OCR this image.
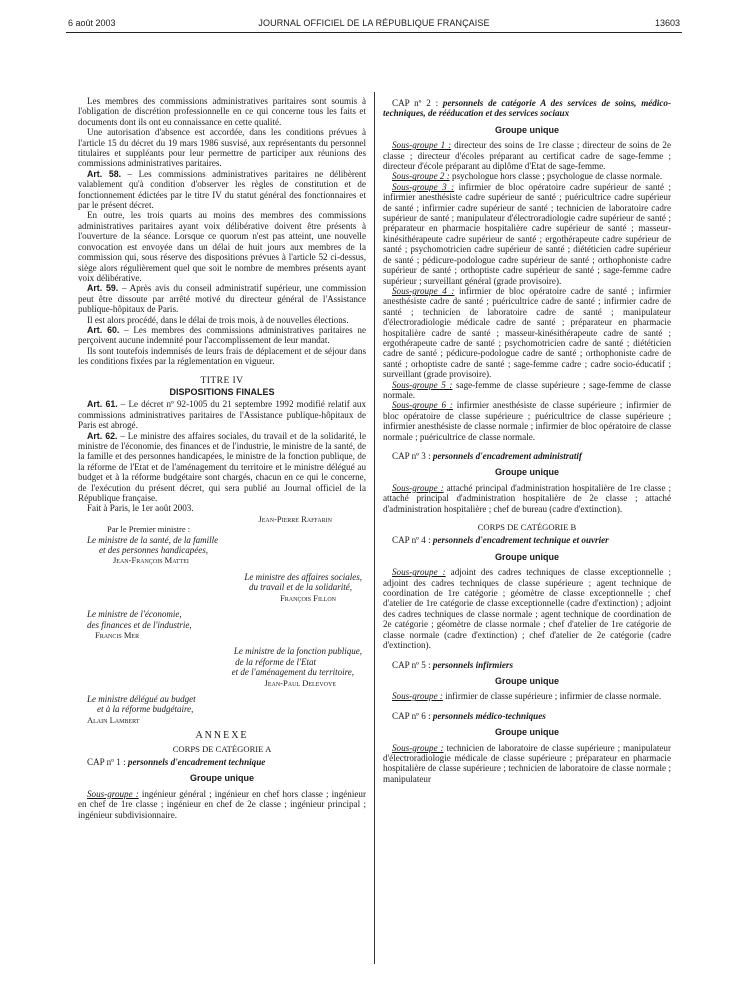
6 août 2003	JOURNAL OFFICIEL DE LA RÉPUBLIQUE FRANÇAISE	13603

Les membres des commissions administratives paritaires sont soumis à l'obligation de discrétion professionnelle en ce qui concerne tous les faits et documents dont ils ont eu connaissance en cette qualité.

Une autorisation d'absence est accordée, dans les conditions prévues à l'article 15 du décret du 19 mars 1986 susvisé, aux représentants du personnel titulaires et suppléants pour leur permettre de participer aux réunions des commissions administratives paritaires.

Art. 58. – Les commissions administratives paritaires ne délibèrent valablement qu'à condition d'observer les règles de constitution et de fonctionnement édictées par le titre IV du statut général des fonctionnaires et par le présent décret.

En outre, les trois quarts au moins des membres des commissions administratives paritaires ayant voix délibérative doivent être présents à l'ouverture de la séance. Lorsque ce quorum n'est pas atteint, une nouvelle convocation est envoyée dans un délai de huit jours aux membres de la commission qui, sous réserve des dispositions prévues à l'article 52 ci-dessus, siège alors régulièrement quel que soit le nombre de membres présents ayant voix délibérative.

Art. 59. – Après avis du conseil administratif supérieur, une commission peut être dissoute par arrêté motivé du directeur général de l'Assistance publique-hôpitaux de Paris.

Il est alors procédé, dans le délai de trois mois, à de nouvelles élections.

Art. 60. – Les membres des commissions administratives paritaires ne perçoivent aucune indemnité pour l'accomplissement de leur mandat.

Ils sont toutefois indemnisés de leurs frais de déplacement et de séjour dans les conditions fixées par la réglementation en vigueur.

TITRE IV
DISPOSITIONS FINALES

Art. 61. – Le décret nº 92-1005 du 21 septembre 1992 modifié relatif aux commissions administratives paritaires de l'Assistance publique-hôpitaux de Paris est abrogé.

Art. 62. – Le ministre des affaires sociales, du travail et de la solidarité, le ministre de l'économie, des finances et de l'industrie, le ministre de la santé, de la famille et des personnes handicapées, le ministre de la fonction publique, de la réforme de l'Etat et de l'aménagement du territoire et le ministre délégué au budget et à la réforme budgétaire sont chargés, chacun en ce qui le concerne, de l'exécution du présent décret, qui sera publié au Journal officiel de la République française.

Fait à Paris, le 1er août 2003.

Jean-Pierre Raffarin

Par le Premier ministre :

Le ministre de la santé, de la famille

et des personnes handicapées,

Jean-François Mattei

Le ministre des affaires sociales,

du travail et de la solidarité,

François Fillon

Le ministre de l'économie,

des finances et de l'industrie,

Francis Mer

Le ministre de la fonction publique,

de la réforme de l'Etat

et de l'aménagement du territoire,

Jean-Paul Delevoye

Le ministre délégué au budget

et à la réforme budgétaire,

Alain Lambert

ANNEXE
CORPS DE CATÉGORIE A

CAP nº 1 : personnels d'encadrement technique

Groupe unique

Sous-groupe : ingénieur général ; ingénieur en chef hors classe ; ingénieur en chef de 1re classe ; ingénieur en chef de 2e classe ; ingénieur principal ; ingénieur subdivisionnaire.

CAP nº 2 : personnels de catégorie A des services de soins, médico-techniques, de rééducation et des services sociaux

Groupe unique

Sous-groupe 1 : directeur des soins de 1re classe ; directeur de soins de 2e classe ; directeur d'écoles préparant au certificat cadre de sage-femme ; directeur d'école préparant au diplôme d'Etat de sage-femme.

Sous-groupe 2 : psychologue hors classe ; psychologue de classe normale.

Sous-groupe 3 : infirmier de bloc opératoire cadre supérieur de santé ; infirmier anesthésiste cadre supérieur de santé ; puéricultrice cadre supérieur de santé ; infirmier cadre supérieur de santé ; technicien de laboratoire cadre supérieur de santé ; manipulateur d'électroradiologie cadre supérieur de santé ; préparateur en pharmacie hospitalière cadre supérieur de santé ; masseur-kinésithérapeute cadre supérieur de santé ; ergothérapeute cadre supérieur de santé ; psychomotricien cadre supérieur de santé ; diététicien cadre supérieur de santé ; pédicure-podologue cadre supérieur de santé ; orthophoniste cadre supérieur de santé ; orthoptiste cadre supérieur de santé ; sage-femme cadre supérieur ; surveillant général (grade provisoire).

Sous-groupe 4 : infirmier de bloc opératoire cadre de santé ; infirmier anesthésiste cadre de santé ; puéricultrice cadre de santé ; infirmier cadre de santé ; technicien de laboratoire cadre de santé ; manipulateur d'électroradiologie médicale cadre de santé ; préparateur en pharmacie hospitalière cadre de santé ; masseur-kinésithérapeute cadre de santé ; ergothérapeute cadre de santé ; psychomotricien cadre de santé ; diététicien cadre de santé ; pédicure-podologue cadre de santé ; orthophoniste cadre de santé ; orhoptiste cadre de santé ; sage-femme cadre ; cadre socio-éducatif ; surveillant (grade provisoire).

Sous-groupe 5 : sage-femme de classe supérieure ; sage-femme de classe normale.

Sous-groupe 6 : infirmier anesthésiste de classe supérieure ; infirmier de bloc opératoire de classe supérieure ; puéricultrice de classe supérieure ; infirmier anesthésiste de classe normale ; infirmier de bloc opératoire de classe normale ; puéricultrice de classe normale.

CAP nº 3 : personnels d'encadrement administratif

Groupe unique

Sous-groupe : attaché principal d'administration hospitalière de 1re classe ; attaché principal d'administration hospitalière de 2e classe ; attaché d'administration hospitalière ; chef de bureau (cadre d'extinction).

CORPS DE CATÉGORIE B

CAP nº 4 : personnels d'encadrement technique et ouvrier

Groupe unique

Sous-groupe : adjoint des cadres techniques de classe exceptionnelle ; adjoint des cadres techniques de classe supérieure ; agent technique de coordination de 1re catégorie ; géomètre de classe exceptionnelle ; chef d'atelier de 1re catégorie de classe exceptionnelle (cadre d'extinction) ; adjoint des cadres techniques de classe normale ; agent technique de coordination de 2e catégorie ; géomètre de classe normale ; chef d'atelier de 1re catégorie de classe normale (cadre d'extinction) ; chef d'atelier de 2e catégorie (cadre d'extinction).

CAP nº 5 : personnels infirmiers

Groupe unique

Sous-groupe : infirmier de classe supérieure ; infirmier de classe normale.

CAP nº 6 : personnels médico-techniques

Groupe unique

Sous-groupe : technicien de laboratoire de classe supérieure ; manipulateur d'électroradiologie médicale de classe supérieure ; préparateur en pharmacie hospitalière de classe supérieure ; technicien de laboratoire de classe normale ; manipulateur
